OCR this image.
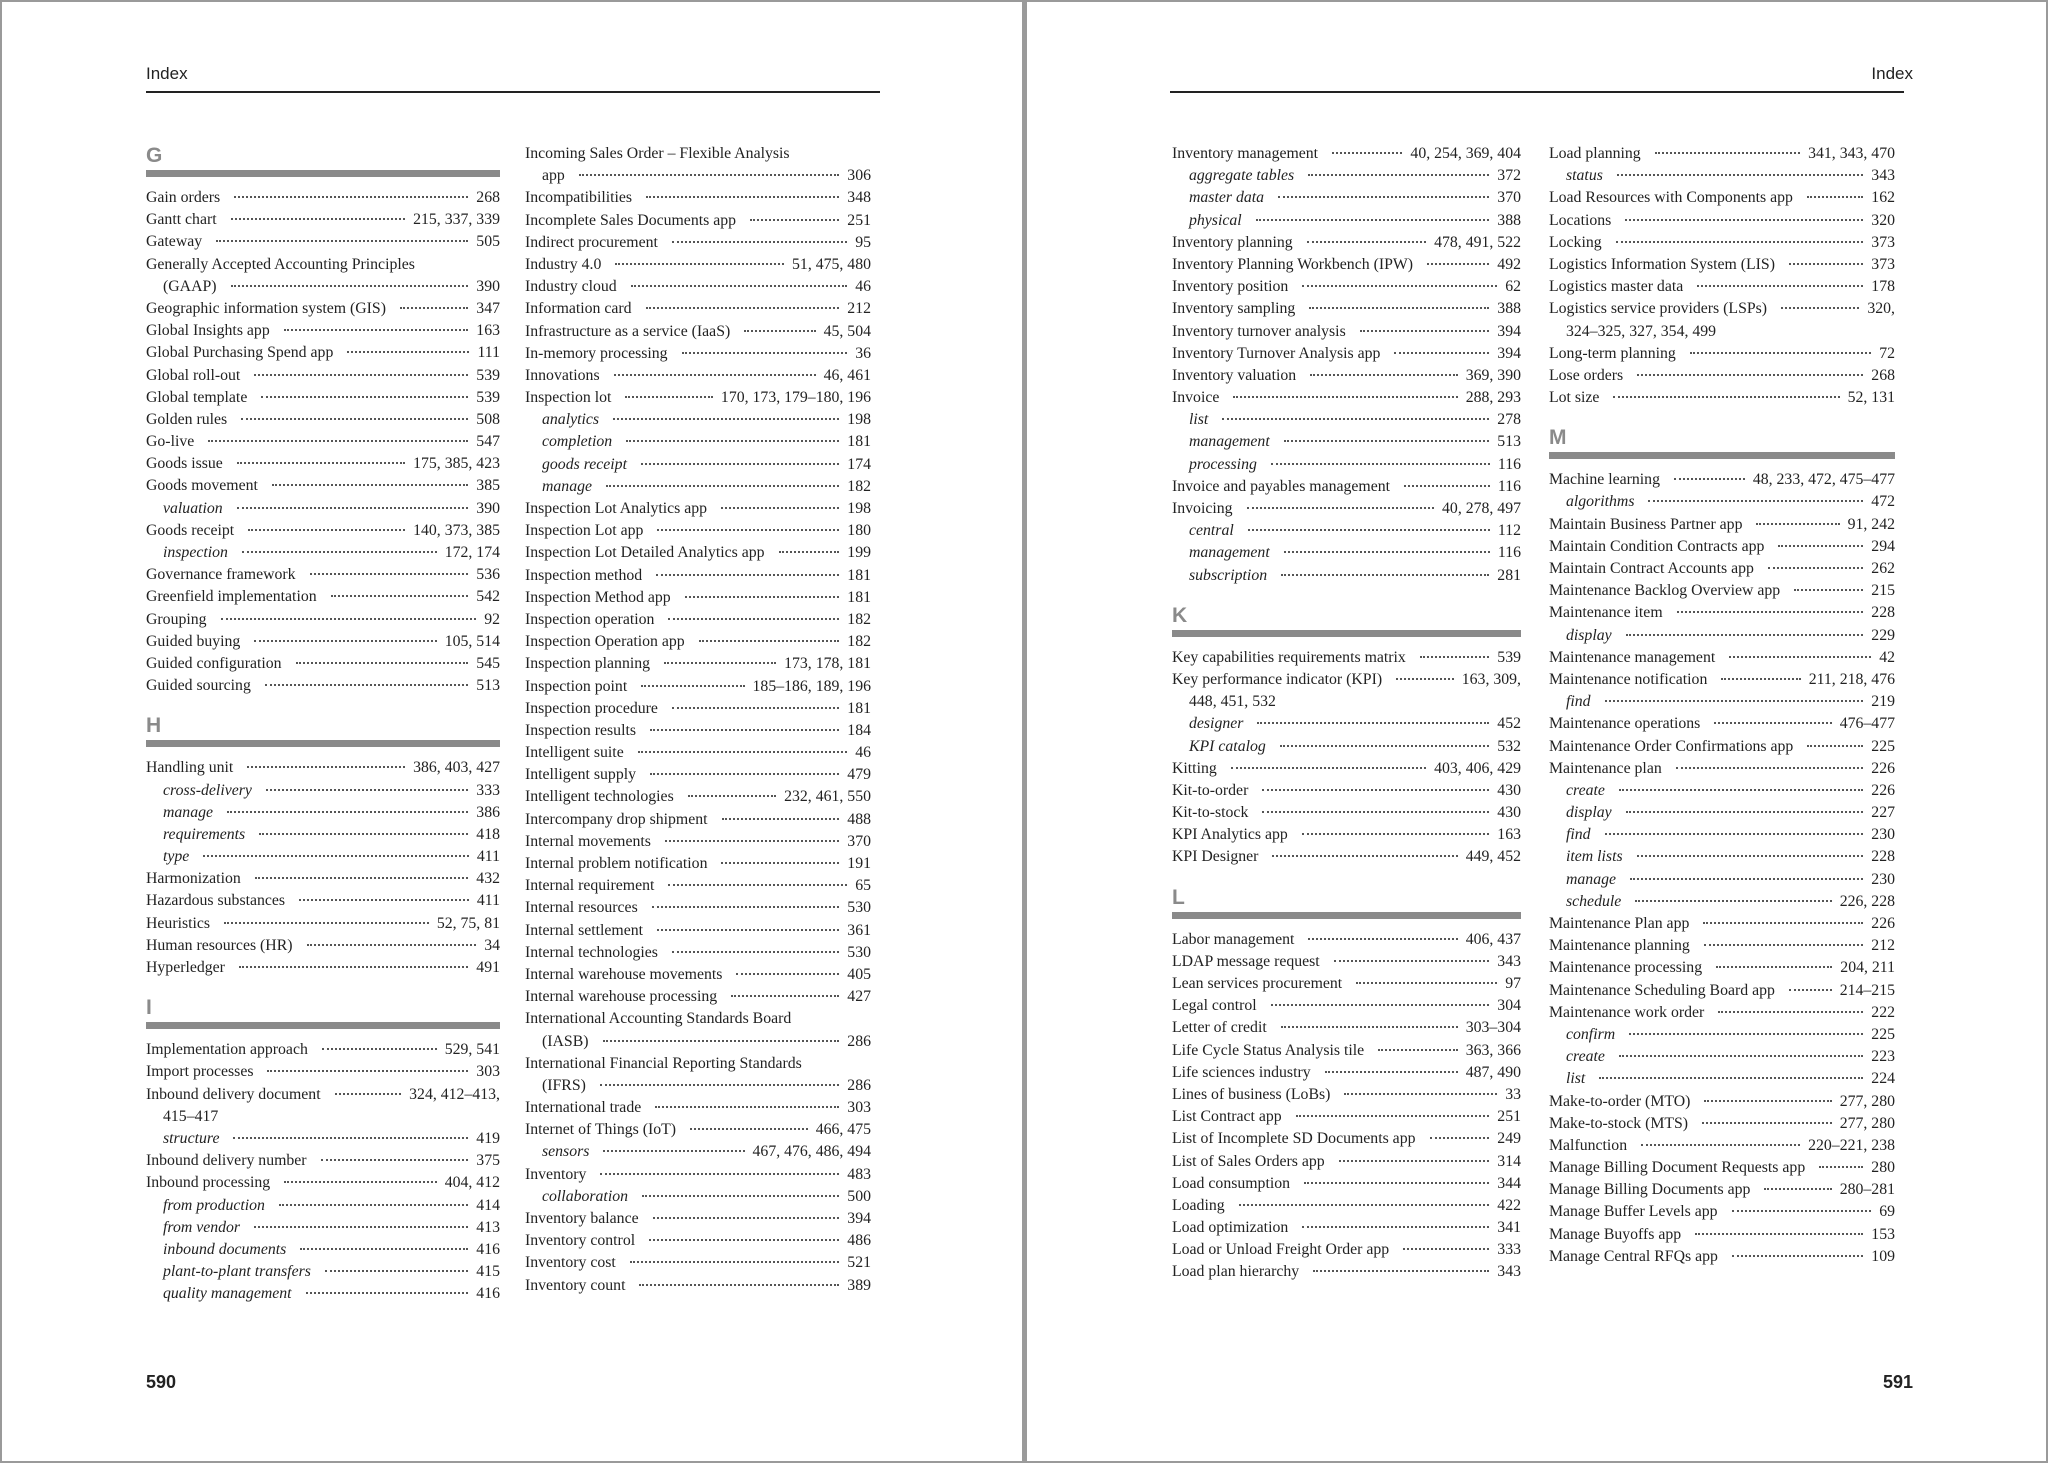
Index
G
Gain orders	268
Gantt chart	215, 337, 339
Gateway	505
Generally Accepted Accounting Principles
(GAAP)	390
Geographic information system (GIS)	347
Global Insights app	163
Global Purchasing Spend app	111
Global roll-out	539
Global template	539
Golden rules	508
Go-live	547
Goods issue	175, 385, 423
Goods movement	385
valuation	390
Goods receipt	140, 373, 385
inspection	172, 174
Governance framework	536
Greenfield implementation	542
Grouping	92
Guided buying	105, 514
Guided configuration	545
Guided sourcing	513
H
Handling unit	386, 403, 427
cross-delivery	333
manage	386
requirements	418
type	411
Harmonization	432
Hazardous substances	411
Heuristics	52, 75, 81
Human resources (HR)	34
Hyperledger	491
I
Implementation approach	529, 541
Import processes	303
Inbound delivery document	324, 412–413,
415–417
structure	419
Inbound delivery number	375
Inbound processing	404, 412
from production	414
from vendor	413
inbound documents	416
plant-to-plant transfers	415
quality management	416
Incoming Sales Order – Flexible Analysis
app	306
Incompatibilities	348
Incomplete Sales Documents app	251
Indirect procurement	95
Industry 4.0	51, 475, 480
Industry cloud	46
Information card	212
Infrastructure as a service (IaaS)	45, 504
In-memory processing	36
Innovations	46, 461
Inspection lot	170, 173, 179–180, 196
analytics	198
completion	181
goods receipt	174
manage	182
Inspection Lot Analytics app	198
Inspection Lot app	180
Inspection Lot Detailed Analytics app	199
Inspection method	181
Inspection Method app	181
Inspection operation	182
Inspection Operation app	182
Inspection planning	173, 178, 181
Inspection point	185–186, 189, 196
Inspection procedure	181
Inspection results	184
Intelligent suite	46
Intelligent supply	479
Intelligent technologies	232, 461, 550
Intercompany drop shipment	488
Internal movements	370
Internal problem notification	191
Internal requirement	65
Internal resources	530
Internal settlement	361
Internal technologies	530
Internal warehouse movements	405
Internal warehouse processing	427
International Accounting Standards Board
(IASB)	286
International Financial Reporting Standards
(IFRS)	286
International trade	303
Internet of Things (IoT)	466, 475
sensors	467, 476, 486, 494
Inventory	483
collaboration	500
Inventory balance	394
Inventory control	486
Inventory cost	521
Inventory count	389
590
Index
Inventory management	40, 254, 369, 404
aggregate tables	372
master data	370
physical	388
Inventory planning	478, 491, 522
Inventory Planning Workbench (IPW)	492
Inventory position	62
Inventory sampling	388
Inventory turnover analysis	394
Inventory Turnover Analysis app	394
Inventory valuation	369, 390
Invoice	288, 293
list	278
management	513
processing	116
Invoice and payables management	116
Invoicing	40, 278, 497
central	112
management	116
subscription	281
K
Key capabilities requirements matrix	539
Key performance indicator (KPI)	163, 309,
448, 451, 532
designer	452
KPI catalog	532
Kitting	403, 406, 429
Kit-to-order	430
Kit-to-stock	430
KPI Analytics app	163
KPI Designer	449, 452
L
Labor management	406, 437
LDAP message request	343
Lean services procurement	97
Legal control	304
Letter of credit	303–304
Life Cycle Status Analysis tile	363, 366
Life sciences industry	487, 490
Lines of business (LoBs)	33
List Contract app	251
List of Incomplete SD Documents app	249
List of Sales Orders app	314
Load consumption	344
Loading	422
Load optimization	341
Load or Unload Freight Order app	333
Load plan hierarchy	343
Load planning	341, 343, 470
status	343
Load Resources with Components app	162
Locations	320
Locking	373
Logistics Information System (LIS)	373
Logistics master data	178
Logistics service providers (LSPs)	320,
324–325, 327, 354, 499
Long-term planning	72
Lose orders	268
Lot size	52, 131
M
Machine learning	48, 233, 472, 475–477
algorithms	472
Maintain Business Partner app	91, 242
Maintain Condition Contracts app	294
Maintain Contract Accounts app	262
Maintenance Backlog Overview app	215
Maintenance item	228
display	229
Maintenance management	42
Maintenance notification	211, 218, 476
find	219
Maintenance operations	476–477
Maintenance Order Confirmations app	225
Maintenance plan	226
create	226
display	227
find	230
item lists	228
manage	230
schedule	226, 228
Maintenance Plan app	226
Maintenance planning	212
Maintenance processing	204, 211
Maintenance Scheduling Board app	214–215
Maintenance work order	222
confirm	225
create	223
list	224
Make-to-order (MTO)	277, 280
Make-to-stock (MTS)	277, 280
Malfunction	220–221, 238
Manage Billing Document Requests app	280
Manage Billing Documents app	280–281
Manage Buffer Levels app	69
Manage Buyoffs app	153
Manage Central RFQs app	109
591
